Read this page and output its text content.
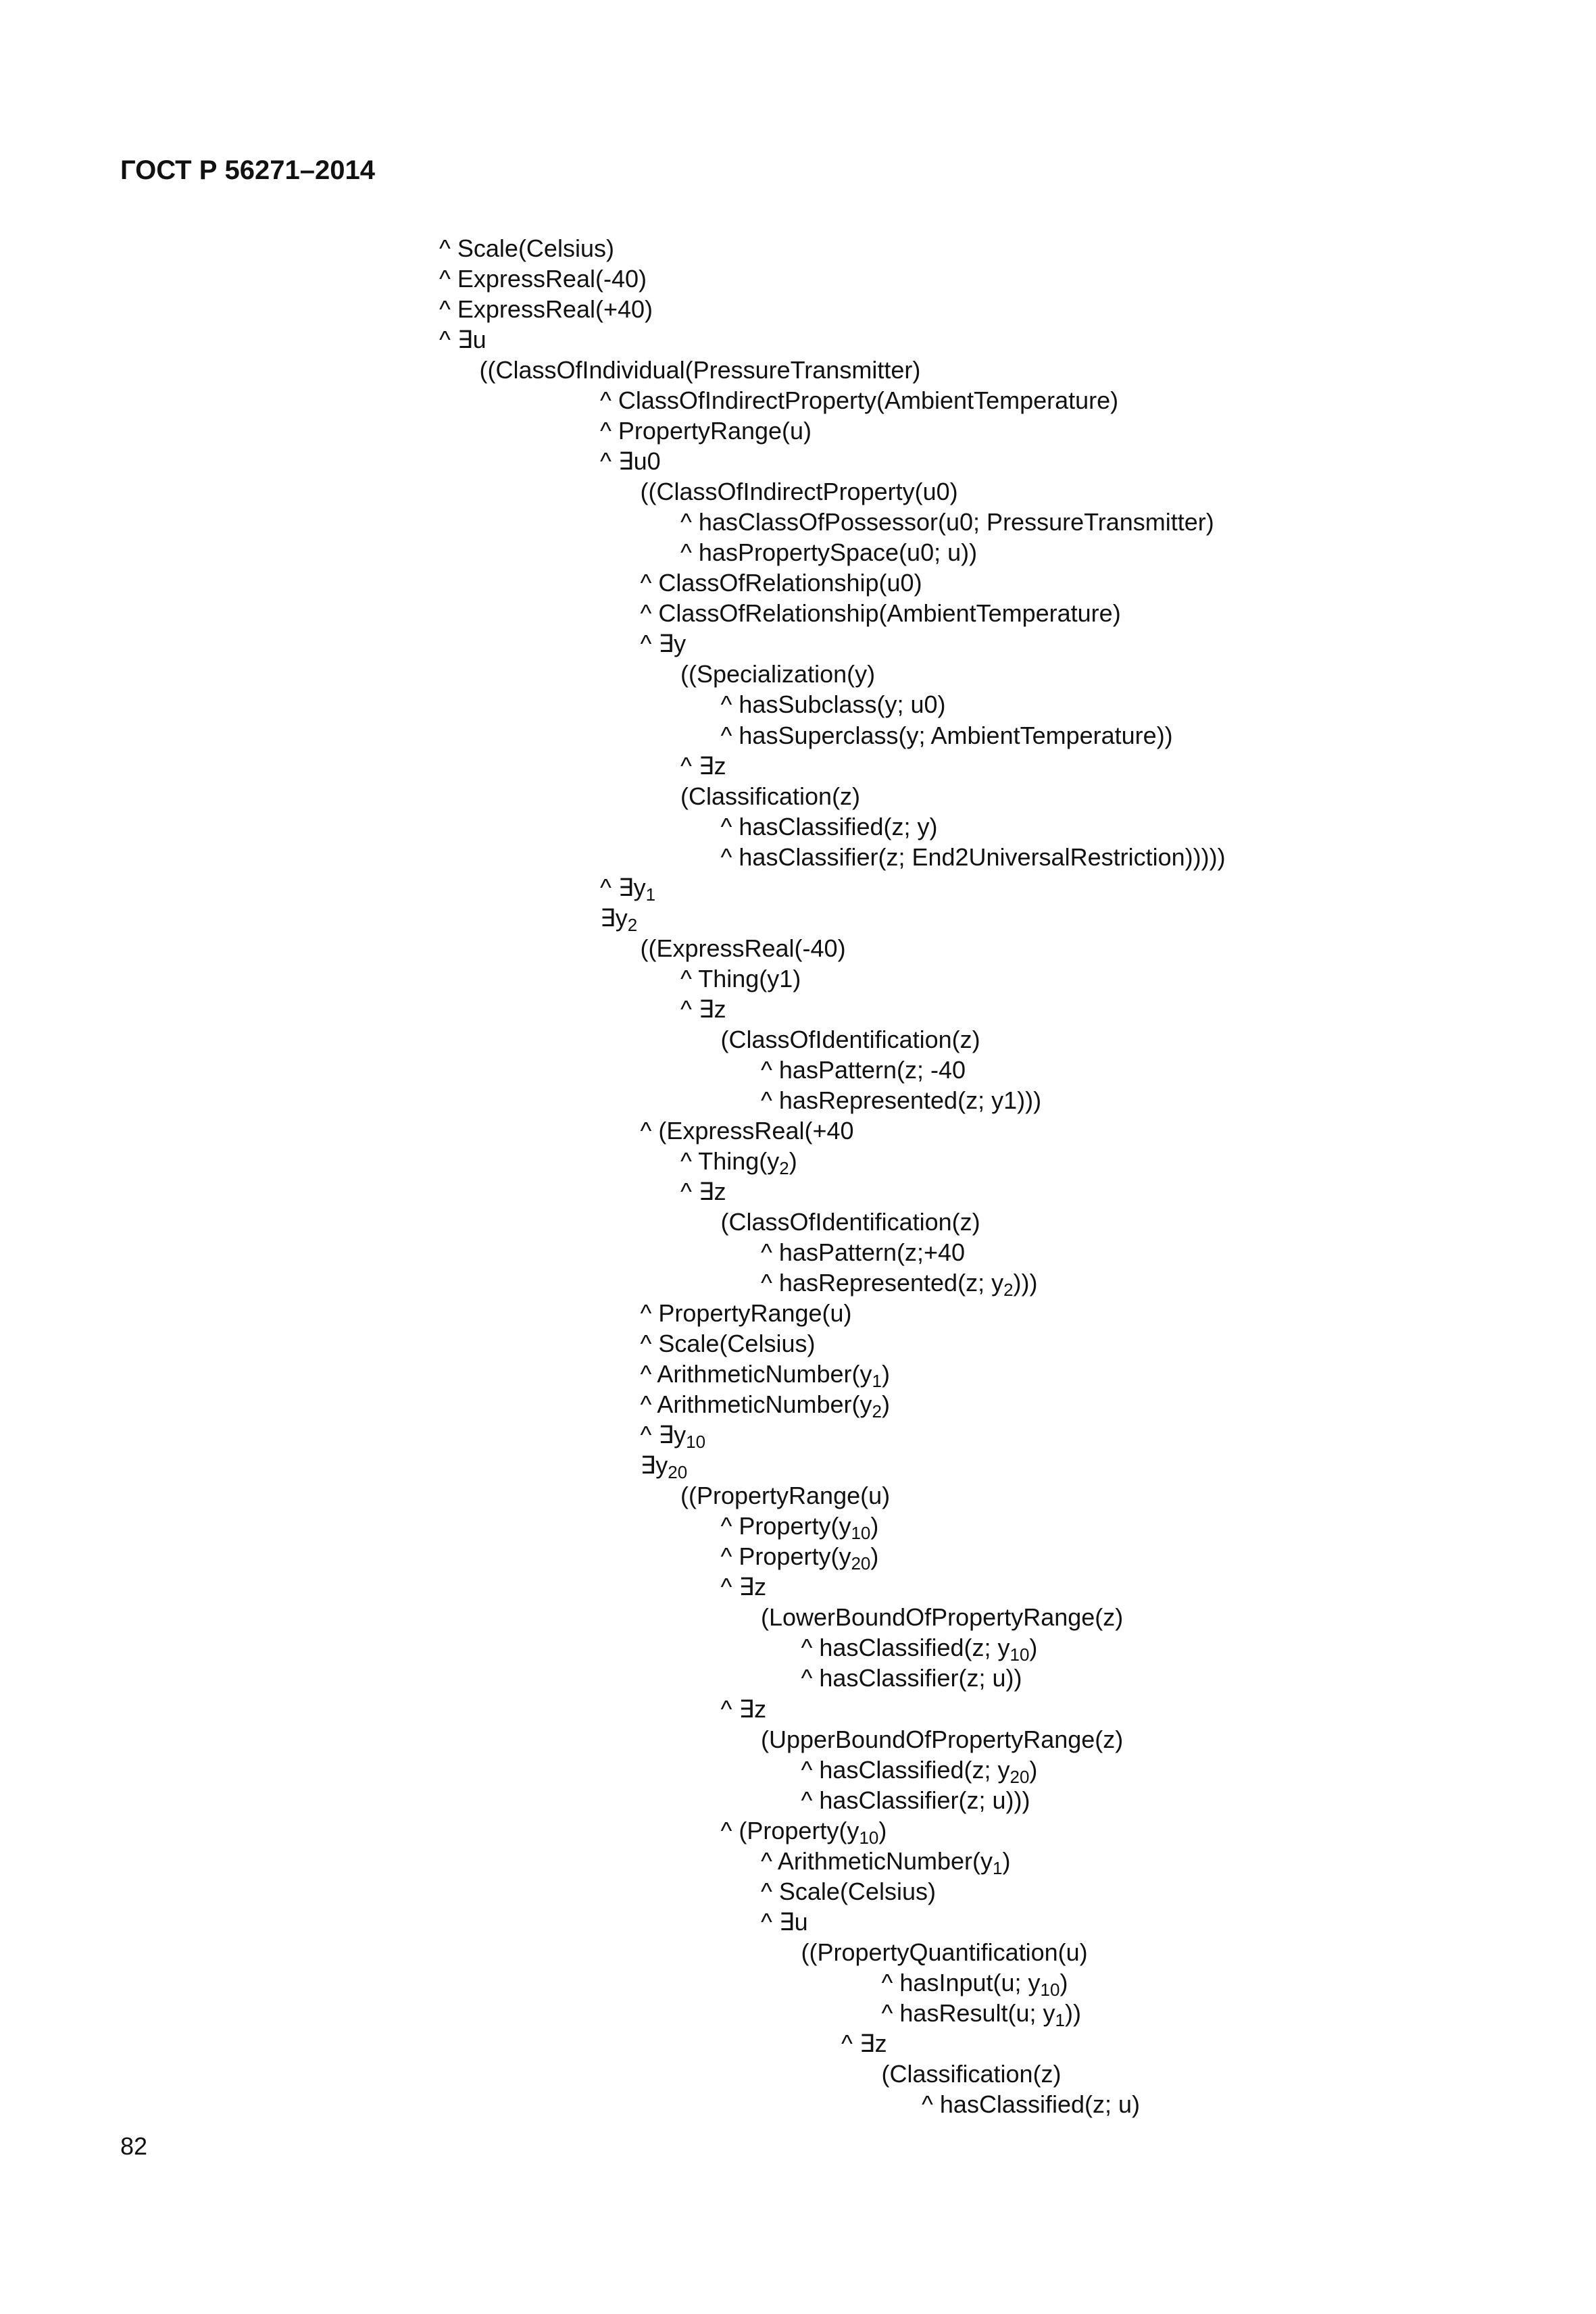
ГОСТ Р 56271–2014
^ Scale(Celsius)
^ ExpressReal(-40)
^ ExpressReal(+40)
^ ∃u
((ClassOfIndividual(PressureTransmitter)
^ ClassOfIndirectProperty(AmbientTemperature)
^ PropertyRange(u)
^ ∃u0
((ClassOfIndirectProperty(u0)
^ hasClassOfPossessor(u0; PressureTransmitter)
^ hasPropertySpace(u0; u))
^ ClassOfRelationship(u0)
^ ClassOfRelationship(AmbientTemperature)
^ ∃y
((Specialization(y)
^ hasSubclass(y; u0)
^ hasSuperclass(y; AmbientTemperature))
^ ∃z
(Classification(z)
^ hasClassified(z; y)
^ hasClassifier(z; End2UniversalRestriction)))))
^ $\exists y_1$
$\exists y_2$
((ExpressReal(-40)
^ Thing(y1)
^ ∃z
(ClassOfIdentification(z)
^ hasPattern(z; -40
^ hasRepresented(z; y1)))
^ (ExpressReal(+40
^ $Thing(y_2)$
^ ∃z
(ClassOfIdentification(z)
^ hasPattern(z;+40
^ hasRepresented(z; $y_2$)))
^ PropertyRange(u)
^ Scale(Celsius)
^ $ArithmeticNumber(y_1)$
^ $ArithmeticNumber(y_2)$
^ $\exists y_{10}$
$\exists y_{20}$
((PropertyRange(u)
^ $Property(y_{10})$
^ $Property(y_{20})$
^ ∃z
(LowerBoundOfPropertyRange(z)
^ hasClassified(z; $y_{10}$)
^ hasClassifier(z; u))
^ ∃z
(UpperBoundOfPropertyRange(z)
^ hasClassified(z; $y_{20}$)
^ hasClassifier(z; u)))
^ ($Property(y_{10})$
^ $ArithmeticNumber(y_1)$
^ Scale(Celsius)
^ ∃u
((PropertyQuantification(u)
^ hasInput(u; $y_{10}$)
^ hasResult(u; $y_1$))
^ ∃z
(Classification(z)
^ hasClassified(z; u)
82
